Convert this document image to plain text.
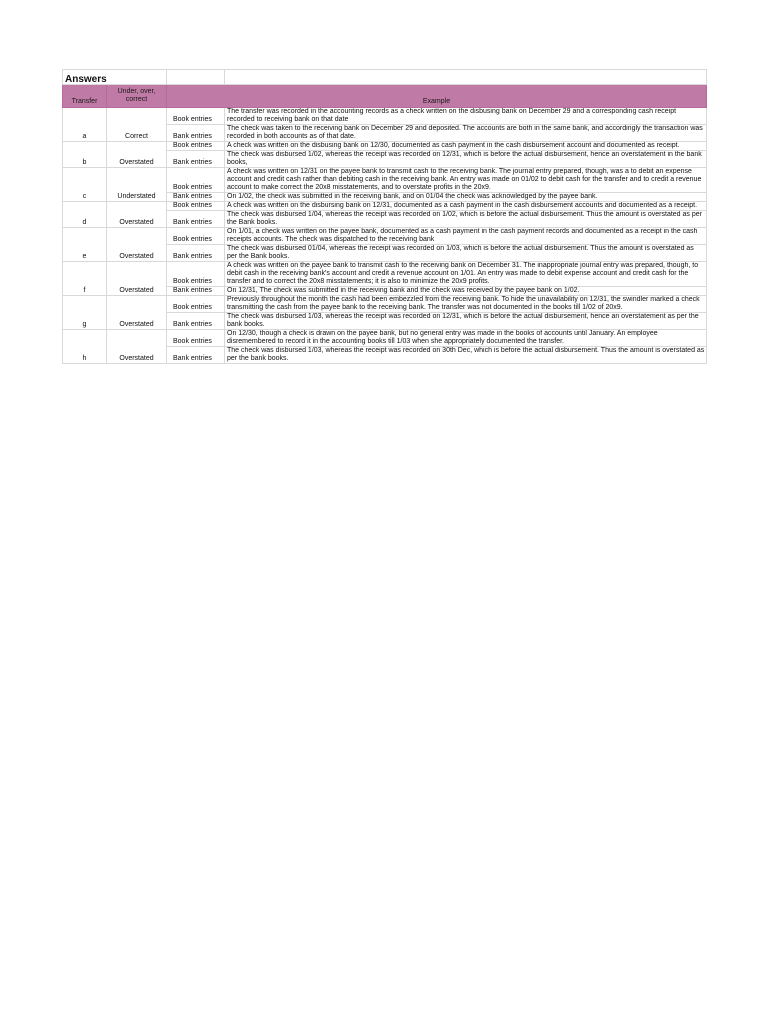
Answers			
Transfer	Under, over, correct	Example	
a	Correct	Book entries	The transfer was recorded in the accounting records as a check written on the disbusing bank on December 29 and a corresponding cash receipt recorded to receiving bank on that date
		Bank entries	The check was taken to the receiving bank on December 29 and deposited. The accounts are both in the same bank, and accordingly the transaction was recorded in both accounts as of that date.
b	Overstated	Book entries	A check was written on the disbusing bank on 12/30, documented as cash payment in the cash disbursement account and documented as receipt.
		Bank entries	The check was disbursed 1/02, whereas the receipt was recorded on 12/31, which is before the actual disbursement, hence an overstatement in the bank books,
c	Understated	Book entries	A check was written on 12/31 on the payee bank to transmit cash to the receiving bank. The journal entry prepared, though, was a to debit an expense account and credit cash rather than debiting cash in the receiving bank. An entry was made on 01/02 to debit cash for the transfer and to credit a revenue account to make correct the 20x8 misstatements, and to overstate profits in the 20x9.
		Bank entries	On 1/02, the check was submitted in the receiving bank, and on 01/04 the check was acknowledged by the payee bank.
d	Overstated	Book entries	A check was written on the disbursing bank on 12/31, documented as a cash payment in the cash disbursement accounts and documented as a receipt.
		Bank entries	The check was disbursed 1/04, whereas the receipt was recorded on 1/02, which is before the actual disbursement. Thus the amount is overstated as per the Bank books.
e	Overstated	Book entries	On 1/01, a check was written on the payee bank, documented as a cash payment in the cash payment records and documented as a receipt in the cash receipts accounts. The check was dispatched to the receiving bank
		Bank entries	The check was disbursed 01/04, whereas the receipt was recorded on 1/03, which is before the actual disbursement. Thus the amount is overstated as per the Bank books.
f	Overstated	Book entries	A check was written on the payee bank to transmit cash to the receiving bank on December 31. The inappropriate journal entry was prepared, though, to debit cash in the receiving bank's account and credit a revenue account on 1/01. An entry was made to debit expense account and credit cash for the transfer and to correct the 20x8 misstatements; it is also to minimize the 20x9 profits.
		Bank entries	On 12/31, The check was submitted in the receiving bank and the check was received by the payee bank on 1/02.
g	Overstated	Book entries	Previously throughout the month the cash had been embezzled from the receiving bank. To hide the unavailability on 12/31, the swindler marked a check transmitting the cash from the payee bank to the receiving bank. The transfer was not documented in the books till 1/02 of 20x9.
		Bank entries	The check was disbursed 1/03, whereas the receipt was recorded on 12/31, which is before the actual disbursement, hence an overstatement as per the bank books.
h	Overstated	Book entries	On 12/30, though a check is drawn on the payee bank, but no general entry was made in the books of accounts until January. An employee disremembered to record it in the accounting books till 1/03 when she appropriately documented the transfer.
		Bank entries	The check was disbursed 1/03, whereas the receipt was recorded on 30th Dec, which is before the actual disbursement. Thus the amount is overstated as per the bank books.
